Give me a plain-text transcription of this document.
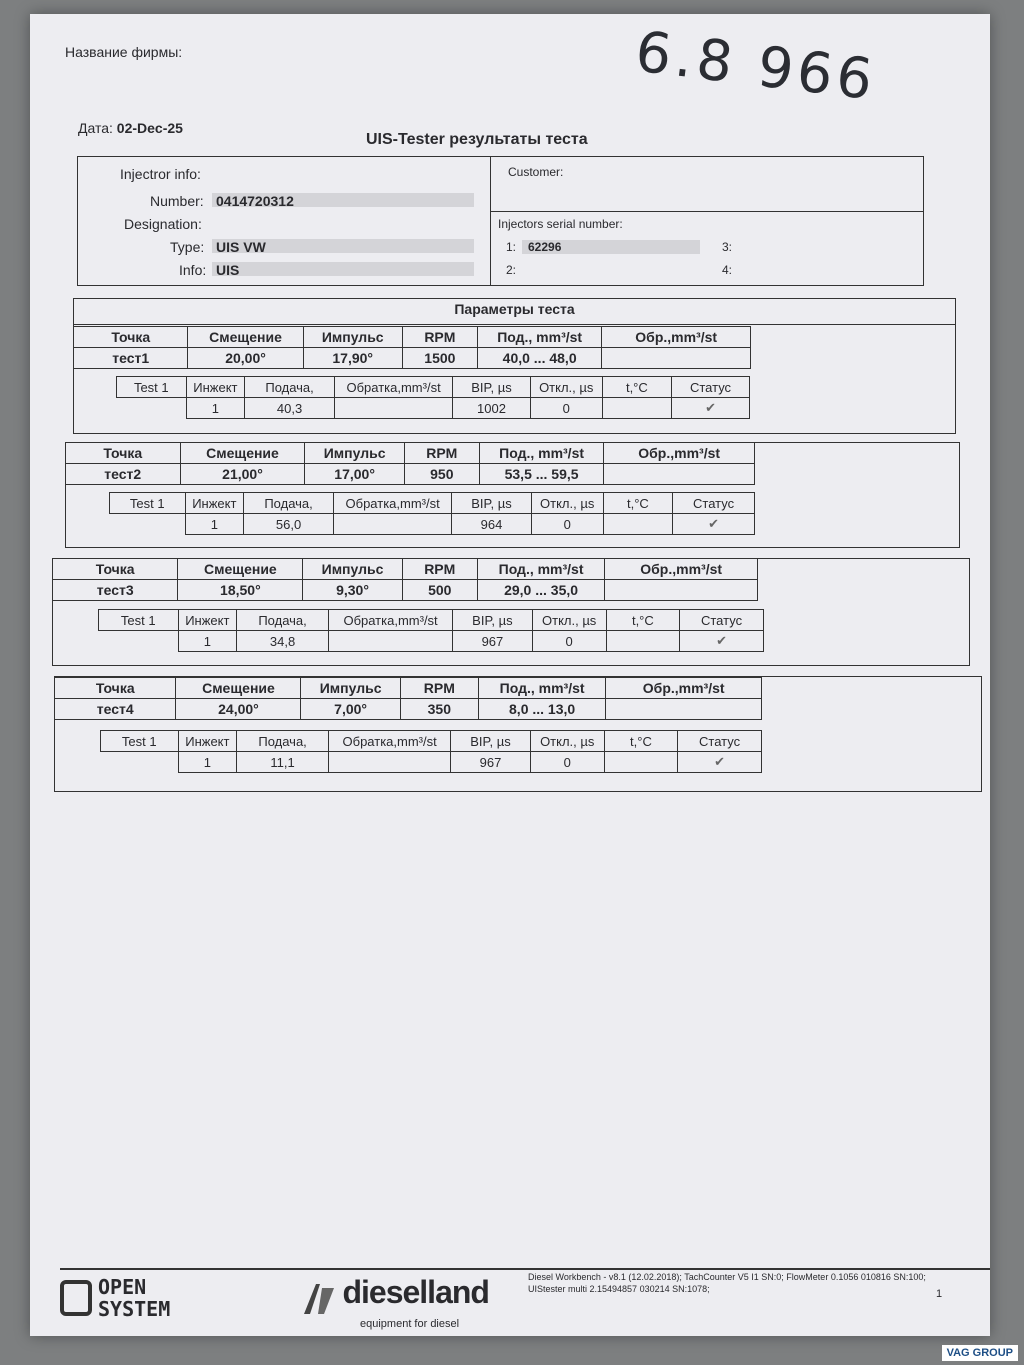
Название фирмы:	6.8 966
Дата: 02-Dec-25
UIS-Tester результаты теста
Injectror info:
Number: 0414720312
Designation:
Type: UIS VW
Info: UIS
Customer:
Injectors serial number:
1: 62296	3:
2:	4:
Параметры теста
Точка	Смещение	Импульс	RPM	Под., mm³/st	Обр.,mm³/st
тест1	20,00°	17,90°	1500	40,0 ... 48,0	
Test 1	Инжект	Подача,	Обратка,mm³/st	BIP, µs	Откл., µs	t,°C	Статус
	1	40,3		1002	0		✔
Точка	Смещение	Импульс	RPM	Под., mm³/st	Обр.,mm³/st
тест2	21,00°	17,00°	950	53,5 ... 59,5	
Test 1	Инжект	Подача,	Обратка,mm³/st	BIP, µs	Откл., µs	t,°C	Статус
	1	56,0		964	0		✔
Точка	Смещение	Импульс	RPM	Под., mm³/st	Обр.,mm³/st
тест3	18,50°	9,30°	500	29,0 ... 35,0	
Test 1	Инжект	Подача,	Обратка,mm³/st	BIP, µs	Откл., µs	t,°C	Статус
	1	34,8		967	0		✔
Точка	Смещение	Импульс	RPM	Под., mm³/st	Обр.,mm³/st
тест4	24,00°	7,00°	350	8,0 ... 13,0	
Test 1	Инжект	Подача,	Обратка,mm³/st	BIP, µs	Откл., µs	t,°C	Статус
	1	11,1		967	0		✔
OPEN
SYSTEM	dieselland
equipment for diesel
Diesel Workbench - v8.1 (12.02.2018); TachCounter V5 I1 SN:0; FlowMeter 0.1056 010816 SN:100; UIStester multi 2.15494857 030214 SN:1078;	1
VAG GROUP
